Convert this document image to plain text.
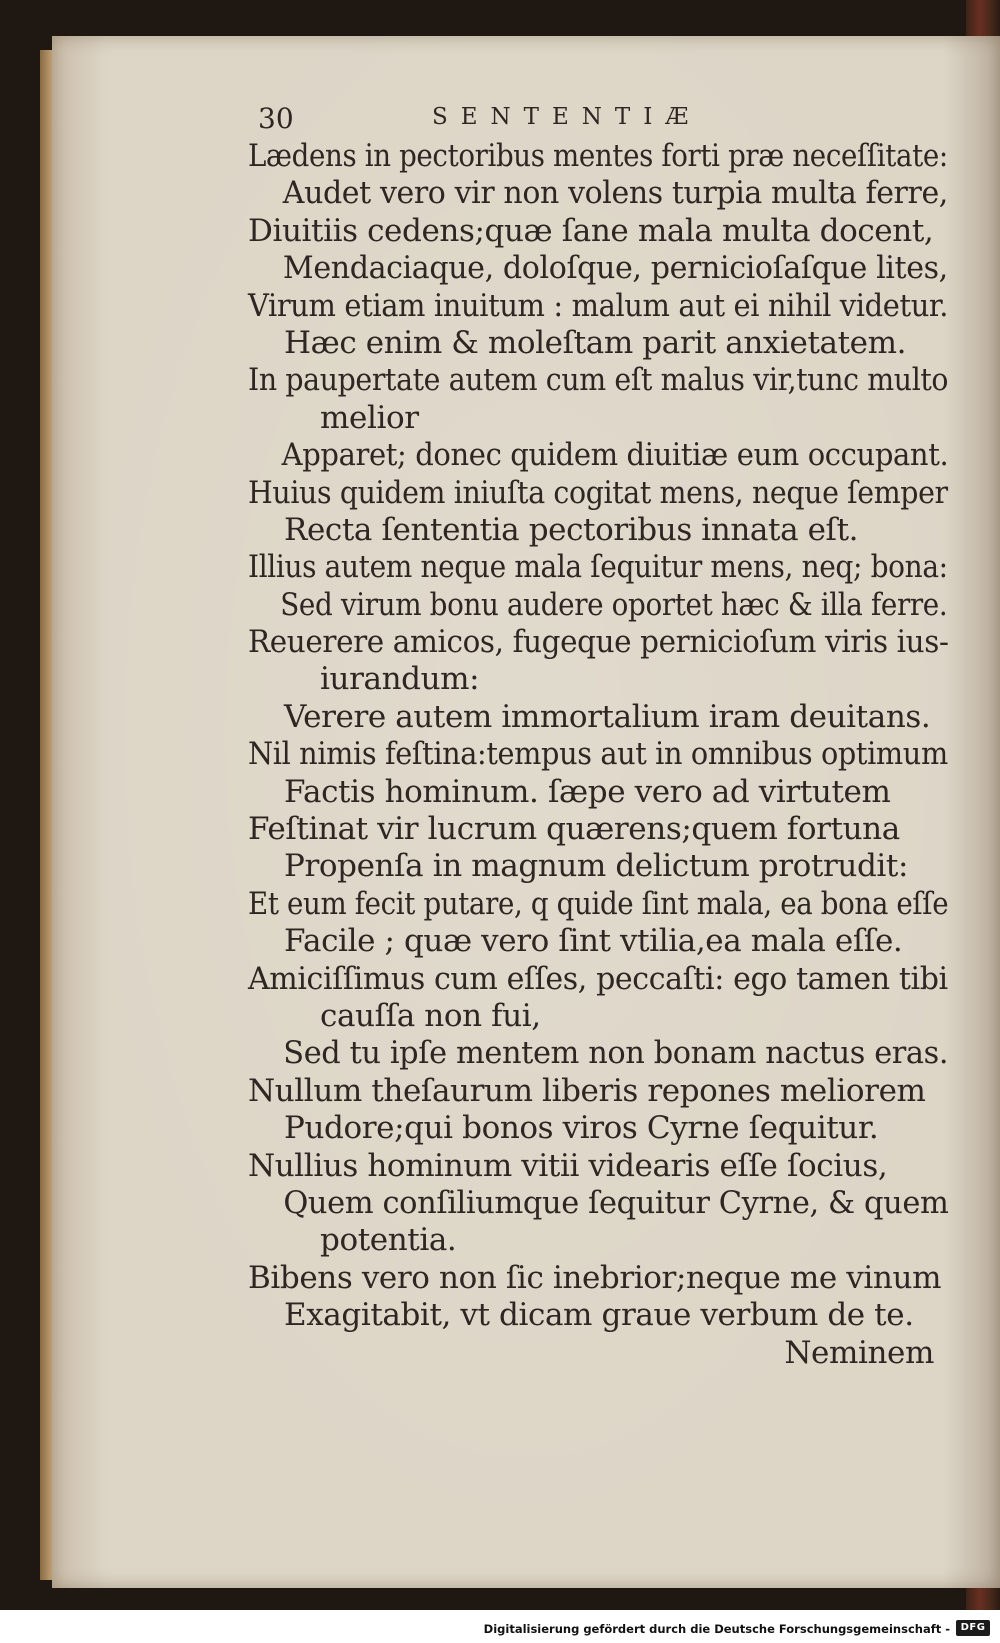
30	SENTENTIÆ
Lædens in pectoribus mentes forti præ neceſſitate:
Audet vero vir non volens turpia multa ferre,
Diuitiis cedens;quæ ſane mala multa docent,
Mendaciaque, doloſque, pernicioſaſque lites,
Virum etiam inuitum : malum aut ei nihil videtur.
Hæc enim & moleſtam parit anxietatem.
In paupertate autem cum eſt malus vir,tunc multo
melior
Apparet; donec quidem diuitiæ eum occupant.
Huius quidem iniuſta cogitat mens, neque ſemper
Recta ſententia pectoribus innata eſt.
Illius autem neque mala ſequitur mens, neq; bona:
Sed virum bonu audere oportet hæc & illa ferre.
Reuerere amicos, fugeque pernicioſum viris ius-
iurandum:
Verere autem immortalium iram deuitans.
Nil nimis feſtina:tempus aut in omnibus optimum
Factis hominum. ſæpe vero ad virtutem
Feſtinat vir lucrum quærens;quem fortuna
Propenſa in magnum delictum protrudit:
Et eum fecit putare, q quide ſint mala, ea bona eſſe
Facile ; quæ vero ſint vtilia,ea mala eſſe.
Amiciſſimus cum eſſes, peccaſti: ego tamen tibi
cauſſa non fui,
Sed tu ipſe mentem non bonam nactus eras.
Nullum theſaurum liberis repones meliorem
Pudore;qui bonos viros Cyrne ſequitur.
Nullius hominum vitii videaris eſſe ſocius,
Quem conſiliumque ſequitur Cyrne, & quem
potentia.
Bibens vero non ſic inebrior;neque me vinum
Exagitabit, vt dicam graue verbum de te.
Neminem
Digitalisierung gefördert durch die Deutsche Forschungsgemeinschaft -	DFG
